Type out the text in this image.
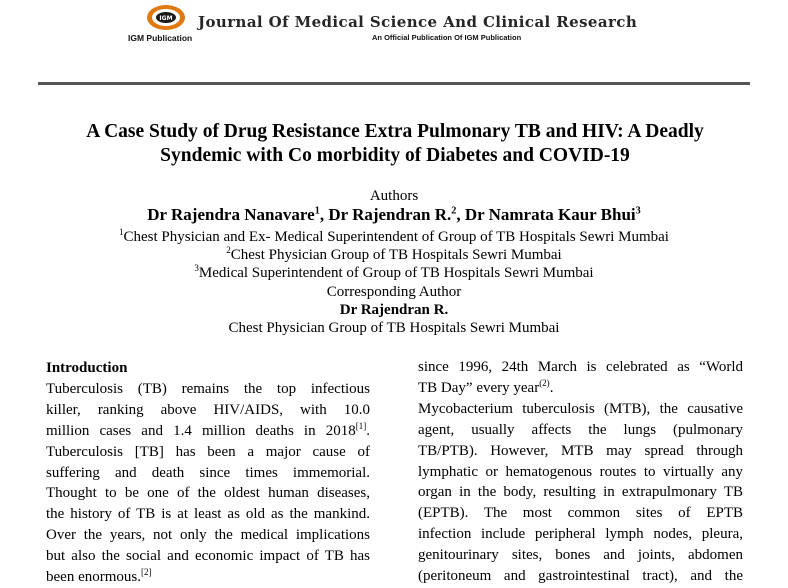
IGM Journal Of Medical Science And Clinical Research
IGM Publication	An Official Publication Of IGM Publication
A Case Study of Drug Resistance Extra Pulmonary TB and HIV: A Deadly
Syndemic with Co morbidity of Diabetes and COVID-19
Authors
Dr Rajendra Nanavare$^1$, Dr Rajendran R.$^2$, Dr Namrata Kaur Bhui$^3$
$^1$Chest Physician and Ex- Medical Superintendent of Group of TB Hospitals Sewri Mumbai
$^2$Chest Physician Group of TB Hospitals Sewri Mumbai
$^3$Medical Superintendent of Group of TB Hospitals Sewri Mumbai
Corresponding Author
Dr Rajendran R.
Chest Physician Group of TB Hospitals Sewri Mumbai
Introduction
Tuberculosis (TB) remains the top infectious
killer, ranking above HIV/AIDS, with 10.0
million cases and 1.4 million deaths in 2018[1].
Tuberculosis [TB] has been a major cause of
suffering and death since times immemorial.
Thought to be one of the oldest human diseases,
the history of TB is at least as old as the mankind.
Over the years, not only the medical implications
but also the social and economic impact of TB has
been enormous.[2]
since 1996, 24th March is celebrated as “World
TB Day” every year$^{(2)}$.
Mycobacterium tuberculosis (MTB), the causative
agent, usually affects the lungs (pulmonary
TB/PTB). However, MTB may spread through
lymphatic or hematogenous routes to virtually any
organ in the body, resulting in extrapulmonary TB
(EPTB). The most common sites of EPTB
infection include peripheral lymph nodes, pleura,
genitourinary sites, bones and joints, abdomen
(peritoneum and gastrointestinal tract), and the
